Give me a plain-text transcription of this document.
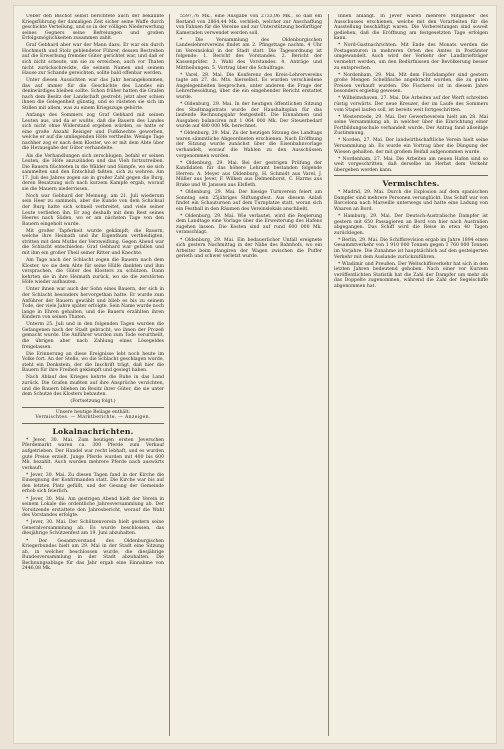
Ueber den Bischof selbst berichtete auch der bekannte Kriegsführung der damaligen Zeit sicher seine Waffe durch geschickte Verteilung, und so in der völligen Niederwerfung seines Gegners seine Befreiungen und großen Erfolgsmöglichkeiten zusammen zahlt.

Graf Gebhard aber war der Mann dazu. Er war ein durch Hochmuth und Stolz geblendeter Führer, dessen Bestreben auf die Erwerbung fremder Güter gerichtet war, und daß er sich nicht scheute, um sie zu erreichen, auch vor Thaten nicht zurückschreckte, die seinem Namen und seinem Hause zur Schande gereichten, sollte bald offenbar werden.

Unter diesen Aussichten war das Jahr herangekommen, das auf immer für die Geschichte des Landes ein denkwürdiges bleiben sollte. Schon früher hatten die Grafen nach dem Besitz der Landschaft gestrebt; jetzt aber schien ihnen die Gelegenheit günstig, und so rüsteten sie sich im Stillen mit allem, was zu einem Kriegszuge gehörte.

Anfangs des Sommers zog Graf Gebhard mit seinen Leuten aus, und da er wußte, daß die Bauern des Landes sich nicht ohne Widerstand ergeben würden, so hatte er eine große Anzahl Reisiger und Fußknechte geworben, welche er auf die umliegenden Höfe vertheilte. Wenige Tage nachher zog er nach dem Kloster, wo er mit dem Abte über die Herausgabe der Güter verhandelte.

Als die Verhandlungen sich zerschlugen, befahl er seinen Leuten, die Höfe anzuzünden und das Vieh fortzutreiben. Die Bauern flüchteten in die Wälder und Sümpfe, wo sie sich sammelten und den Entschluß faßten, sich zu wehren. Am 17. Juli des Jahres zogen sie in großer Zahl gegen die Burg, deren Besatzung sich nach kurzem Kampfe ergab, worauf sie die Mauern niederrissen.

Noch war Gebhard der Meinung, am 21. Juli wiederum sein Heer zu sammeln, aber die Kunde von dem Schicksal der Burg hatte sich schnell verbreitet, und viele seiner Leute verließen ihn. Er zog deshalb mit dem Rest seines Heeres nach Süden, wo er am nächsten Tage von den Bauern eingeholt wurde.

Mit großer Tapferkeit wurde gekämpft; die Bauern, welche ihre Heimath und ihr Eigenthum vertheidigten, stritten mit dem Muthe der Verzweiflung. Gegen Abend war die Schlacht entschieden: Graf Gebhard war gefallen und mit ihm ein großer Theil seiner Ritter und Knechte.

Am Tage nach der Schlacht zogen die Bauern nach dem Kloster, wo sie dem Abte für seine Hülfe dankten und ihm versprachen, die Güter des Klosters zu schützen. Dann kehrten sie in ihre Heimath zurück, wo sie die zerstörten Höfe wieder aufbauten.

Unter ihnen war auch der Sohn eines Bauern, der sich in der Schlacht besonders hervorgethan hatte. Er wurde zum Anführer der Bauern gewählt und blieb es bis zu seinem Tode, der viele Jahre später erfolgte. Sein Name wurde noch lange in Ehren gehalten, und die Bauern erzählten ihren Kindern von seinen Thaten.

Unterm 25. Juli und in den folgenden Tagen wurden die Gefangenen nach der Stadt gebracht, wo ihnen der Prozeß gemacht wurde. Die Anführer wurden zum Tode verurtheilt, die übrigen aber nach Zahlung eines Lösegeldes freigelassen.

Die Erinnerung an diese Ereignisse lebt noch heute im Volke fort. An der Stelle, wo die Schlacht geschlagen wurde, steht ein Denkstein, der die Inschrift trägt, daß hier die Bauern für ihre Freiheit gekämpft und gesiegt haben.

Nach Ablauf des Krieges kehrte die Ruhe in das Land zurück. Die Grafen mußten auf ihre Ansprüche verzichten, und die Bauern blieben im Besitz ihrer Güter, die sie unter dem Schutze des Klosters bebauten.

(Fortsetzung folgt.)

Unsere heutige Beilage enthält:

Vermischtes. — Marktberichte. — Anzeigen.

Lokalnachrichten.

* Jever, 30. Mai. Zum heutigen ersten Jeverschen Pferdemarkt waren ca. 300 Pferde zum Verkauf aufgetrieben. Der Handel war recht lebhaft, und es wurden gute Preise erzielt. Junge Pferde wurden mit 400 bis 600 Mk. bezahlt. Auch wurden mehrere Pferde nach auswärts verkauft.

* Jever, 30. Mai. Zu diesen Tagen fand in der Kirche die Einsegnung der Konfirmanden statt. Die Kirche war bis auf den letzten Platz gefüllt, und der Gesang der Gemeinde erhob sich feierlich.

* Jever, 30. Mai. Am gestrigen Abend hielt der Verein in seinem Lokale die ordentliche Jahresversammlung ab. Der Vorsitzende erstattete den Jahresbericht, worauf die Wahl des Vorstandes erfolgte.

* Jever, 30. Mai. Der Schützenverein hielt gestern seine Generalversammlung ab. Es wurde beschlossen, das diesjährige Schützenfest am 19. Juni abzuhalten.

* Der Gesamtvorstand des Oldenburgischen Kriegerbundes hielt am 29. Mai in der Stadt eine Sitzung ab, in welcher beschlossen wurde, die diesjährige Bundesversammlung in der Stadt abzuhalten. Die Rechnungsablage für das Jahr ergab eine Einnahme von 2446,08 Mk.

5597,76 Mk., eine Ausgabe von 2733,06 Mk., so daß ein Bestand von 2864,44 Mk. verblieb, welcher zur Anschaffung von Fahnen für die Vereine und zur Unterstützung bedürftiger Kameraden verwendet werden soll.

* Die Versammlung des Oldenburgischen Landeslehrervereins findet am 2. Pfingsttage nachm. 4 Uhr im Vereinslokal in der Stadt statt. Die Tagesordnung ist folgende: 1. Bericht des Vorstandes. 2. Bericht der Kassenprüfer. 3. Wahl des Vorstandes. 4. Anträge und Mittheilungen. 5. Vortrag über die Schulfrage.

* Varel, 28. Mai. Die Konferenz des Kreis-Lehrervereins tagte am 27. ds. Mts. hierselbst. Es wurden verschiedene Angelegenheiten besprochen, unter anderen die Frage der Lehrerbesoldung, über die ein eingehender Bericht erstattet wurde.

* Oldenburg, 29. Mai. In der heutigen öffentlichen Sitzung des Stadtmagistrats wurde der Haushaltsplan für das laufende Rechnungsjahr festgestellt. Die Einnahmen und Ausgaben balanciren mit 1 064 000 Mk. Der Steuerbedarf wurde auf 480 000 Mk. berechnet.

* Oldenburg, 29. Mai. Zu der heutigen Sitzung des Landtags waren sämmtliche Abgeordneten erschienen. Nach Eröffnung der Sitzung wurde zunächst über die Eisenbahnvorlage verhandelt, worauf die Wahlen zu den Ausschüssen vorgenommen wurden.

* Oldenburg, 29. Mai. Bei der gestrigen Prüfung der Kandidaten für das höhere Lehramt bestanden folgende Herren: A. Meyer aus Oldenburg, H. Schmidt aus Varel, J. Müller aus Jever, F. Wilken aus Delmenhorst, C. Harms aus Brake und W. Janssen aus Elsfleth.

* Oldenburg, 29. Mai. Der hiesige Turnverein feiert am Sonntag sein 25jähriges Stiftungsfest. Aus diesem Anlaß findet ein Schauturnen auf dem Turnplatze statt, woran sich ein Festball in den Räumen des Vereinslokals anschließt.

* Oldenburg, 29. Mai. Wie verlautet, wird die Regierung dem Landtage eine Vorlage über die Erweiterung des Hafens zugehen lassen. Die Kosten sind auf rund 600 000 Mk. veranschlagt.

* Oldenburg, 29. Mai. Ein bedauerlicher Unfall ereignete sich gestern Nachmittag in der Nähe des Bahnhofs, wo ein Arbeiter beim Rangiren der Wagen zwischen die Puffer gerieth und schwer verletzt wurde.

Innen anlangt. In Jever waren mehrere Mitglieder des Ausschusses erschienen, welche mit den Vorarbeiten für die Ausstellung beschäftigt waren. Die Vorbereitungen sind soweit gediehen, daß die Eröffnung am festgesetzten Tage erfolgen kann.

* Nord-Gastnachrichten. Mit Ende des Monats werden die Postagenturen in mehreren Orten des Amtes in Postämter umgewandelt. Auch wird der Verkehr der Landbriefträger vermehrt werden, um den Bedürfnissen der Bevölkerung besser zu entsprechen.

* Nordenham, 29. Mai. Mit dem Fischdampfer sind gestern große Mengen Schellfische angebracht worden, die zu guten Preisen verkauft wurden. Die Fischerei ist in diesem Jahre besonders ergiebig gewesen.

* Wilhelmshaven, 27. Mai. Die Arbeiten auf der Werft schreiten rüstig vorwärts. Der neue Kreuzer, der im Laufe des Sommers vom Stapel laufen soll, ist bereits weit fortgeschritten.

* Westerstede, 29. Mai. Der Gewerbeverein hielt am 28. Mai seine Versammlung ab, in welcher über die Einrichtung einer Fortbildungsschule verhandelt wurde. Der Antrag fand allseitige Zustimmung.

* Norden, 27. Mai. Der landwirthschaftliche Verein hielt seine Versammlung ab. Es wurde ein Vortrag über die Düngung der Wiesen gehalten, der mit großem Beifall aufgenommen wurde.

* Nordenham, 27. Mai. Die Arbeiten am neuen Hafen sind so weit vorgeschritten, daß derselbe im Herbst dem Verkehr übergeben werden kann.

Vermischtes.

* Madrid, 29. Mai. Durch die Explosion auf dem spanischen Dampfer sind mehrere Personen verunglückt. Das Schiff war von Barcelona nach Marseille unterwegs und hatte eine Ladung von Waaren an Bord.

* Hamburg, 29. Mai. Der Deutsch-Australische Dampfer ist gestern mit 650 Passagieren an Bord von hier nach Australien abgegangen. Das Schiff wird die Reise in etwa 40 Tagen zurücklegen.

* Berlin, 29. Mai. Die Schiffsrevision ergab im Jahre 1894 einen Gesammtverkehr von 1 910 000 Tonnen gegen 1 760 000 Tonnen im Vorjahre. Die Zunahme ist hauptsächlich auf den gesteigerten Verkehr mit dem Auslande zurückzuführen.

* Wladimir und Preußen. Der Weltschiffsverkehr hat sich in den letzten Jahren bedeutend gehoben. Nach einer vor Kurzem veröffentlichten Statistik hat die Zahl der Dampfer um mehr als das Doppelte zugenommen, während die Zahl der Segelschiffe abgenommen hat.
